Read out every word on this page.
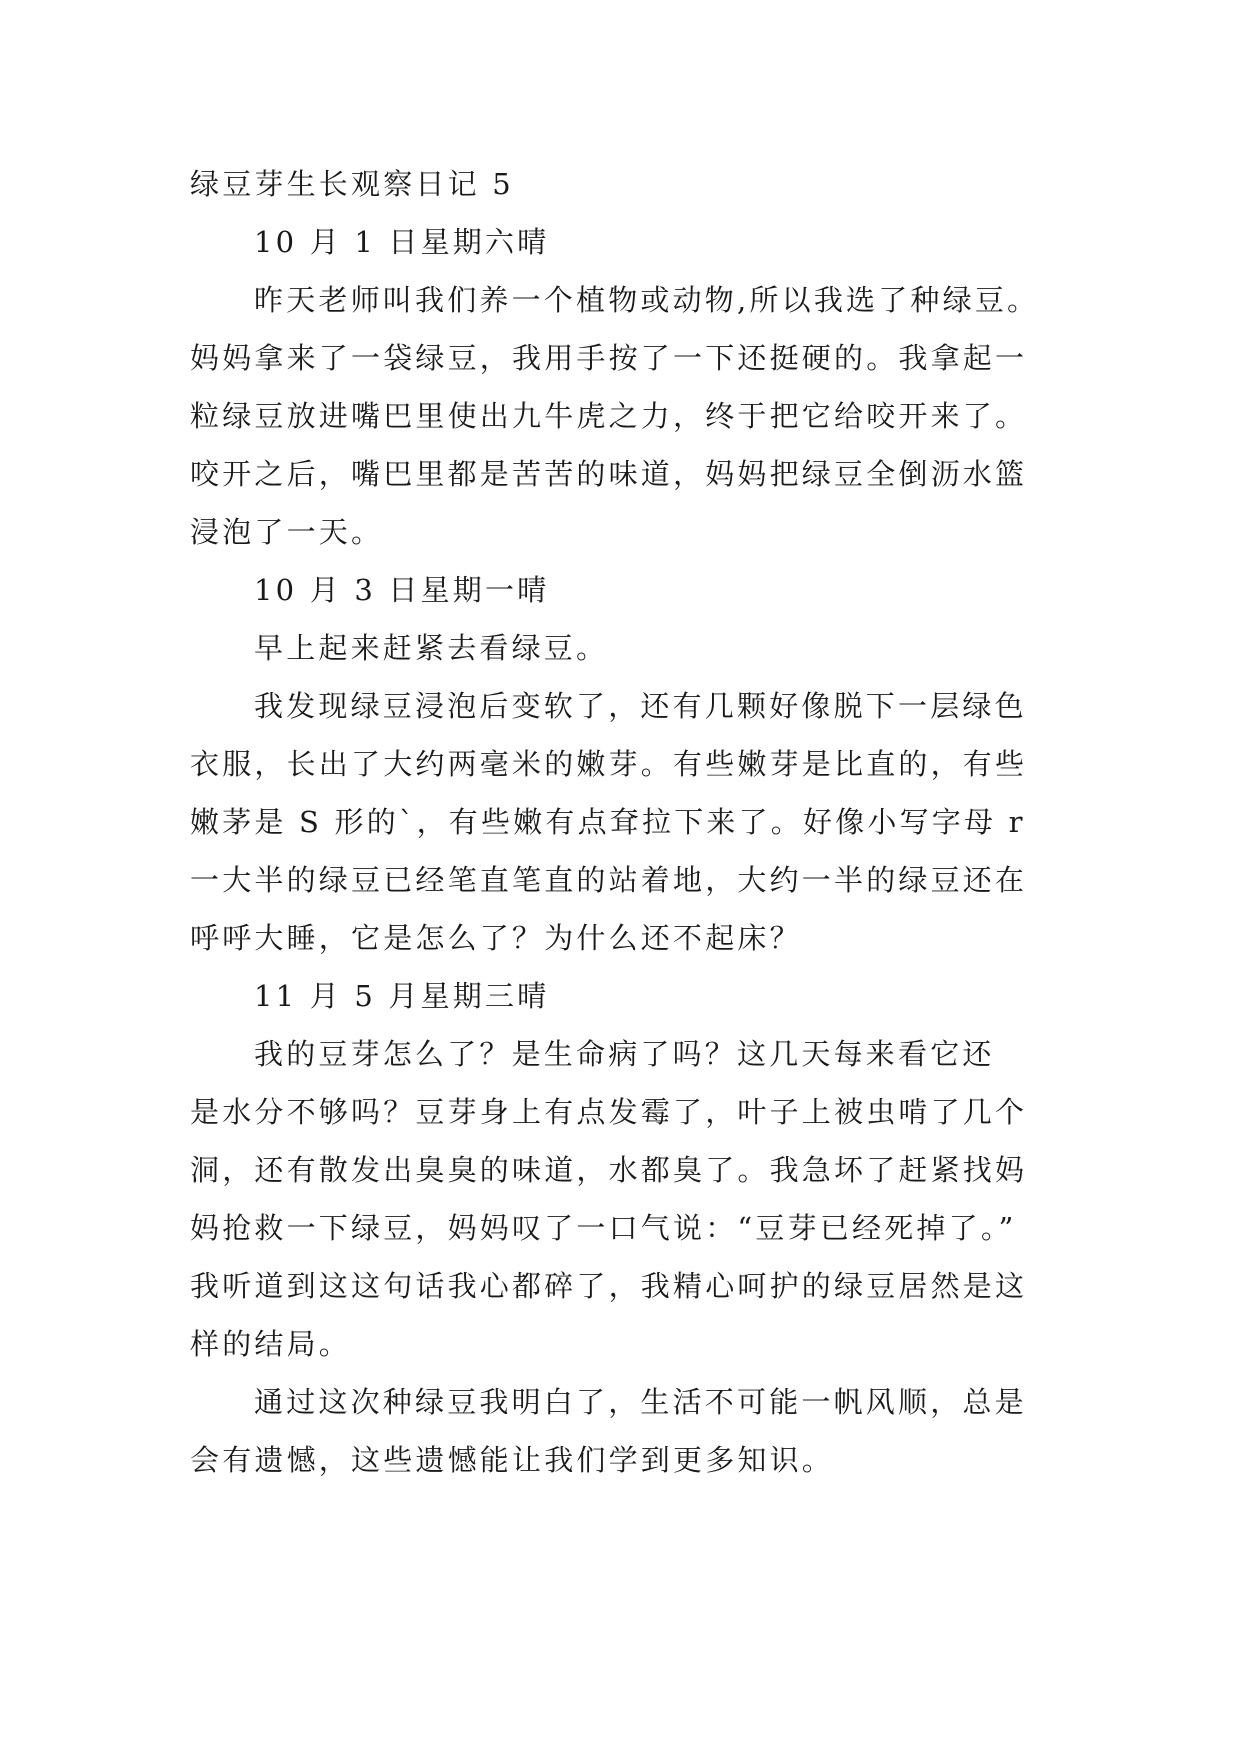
绿豆芽生长观察日记 5
10 月 1 日星期六晴
昨天老师叫我们养一个植物或动物,所以我选了种绿豆。
妈妈拿来了一袋绿豆，我用手按了一下还挺硬的。我拿起一
粒绿豆放进嘴巴里使出九牛虎之力，终于把它给咬开来了。
咬开之后，嘴巴里都是苦苦的味道，妈妈把绿豆全倒沥水篮
浸泡了一天。
10 月 3 日星期一晴
早上起来赶紧去看绿豆。
我发现绿豆浸泡后变软了，还有几颗好像脱下一层绿色
衣服，长出了大约两毫米的嫩芽。有些嫩芽是比直的，有些
嫩茅是 S 形的`，有些嫩有点耷拉下来了。好像小写字母 r
一大半的绿豆已经笔直笔直的站着地，大约一半的绿豆还在
呼呼大睡，它是怎么了？为什么还不起床？
11 月 5 月星期三晴
我的豆芽怎么了？是生命病了吗？这几天每来看它还
是水分不够吗？豆芽身上有点发霉了，叶子上被虫啃了几个
洞，还有散发出臭臭的味道，水都臭了。我急坏了赶紧找妈
妈抢救一下绿豆，妈妈叹了一口气说：“豆芽已经死掉了。”
我听道到这这句话我心都碎了，我精心呵护的绿豆居然是这
样的结局。
通过这次种绿豆我明白了，生活不可能一帆风顺，总是
会有遗憾，这些遗憾能让我们学到更多知识。
